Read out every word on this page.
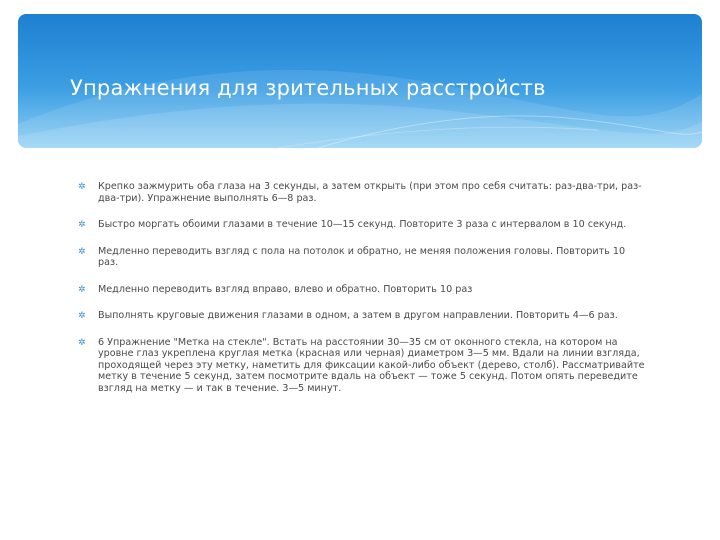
Упражнения для зрительных расстройств
✲ Крепко зажмурить оба глаза на 3 секунды, а затем открыть (при этом про себя считать: раз-два-три, раз-два-три). Упражнение выполнять 6—8 раз.
✲ Быстро моргать обоими глазами в течение 10—15 секунд. Повторите 3 раза с интервалом в 10 секунд.
✲ Медленно переводить взгляд с пола на потолок и обратно, не меняя положения головы. Повторить 10 раз.
✲ Медленно переводить взгляд вправо, влево и обратно. Повторить 10 раз
✲ Выполнять круговые движения глазами в одном, а затем в другом направлении. Повторить 4—6 раз.
✲ 6 Упражнение "Метка на стекле". Встать на расстоянии 30—35 см от оконного стекла, на котором на уровне глаз укреплена круглая метка (красная или черная) диаметром 3—5 мм. Вдали на линии взгляда, проходящей через эту метку, наметить для фиксации какой-либо объект (дерево, столб). Рассматривайте метку в течение 5 секунд, затем посмотрите вдаль на объект — тоже 5 секунд. Потом опять переведите взгляд на метку — и так в течение. 3—5 минут.
